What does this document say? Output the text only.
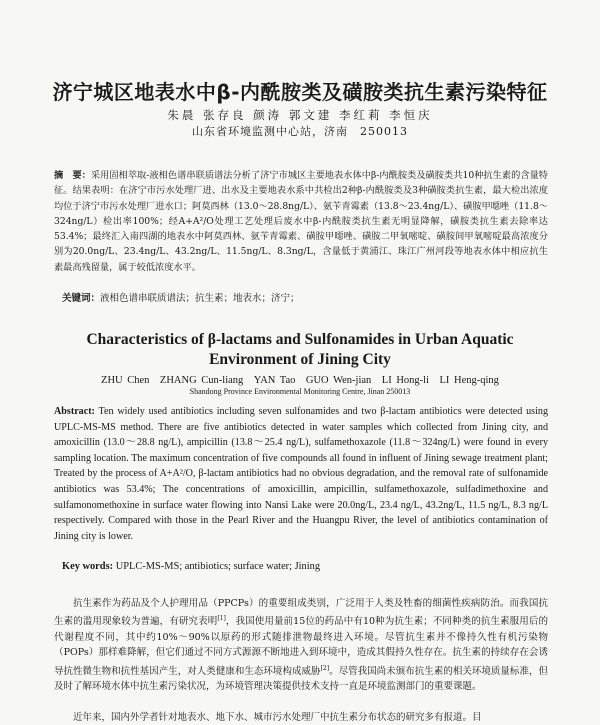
济宁城区地表水中β-内酰胺类及磺胺类抗生素污染特征
朱晨 张存良 颜涛 郭文建 李红莉 李恒庆
山东省环境监测中心站，济南　250013
摘　要：采用固相萃取-液相色谱串联质谱法分析了济宁市城区主要地表水体中β-内酰胺类及磺胺类共10种抗生素的含量特征。结果表明：在济宁市污水处理厂进、出水及主要地表水系中共检出2种β-内酰胺类及3种磺胺类抗生素，最大检出浓度均位于济宁市污水处理厂进水口；阿莫西林（13.0～28.8ng/L）、氨苄青霉素（13.8～23.4ng/L）、磺胺甲噁唑（11.8～324ng/L）检出率100%；经A+A²/O处理工艺处理后废水中β-内酰胺类抗生素无明显降解，磺胺类抗生素去除率达53.4%；最终汇入南四湖的地表水中阿莫西林、氨苄青霉素、磺胺甲噁唑、磺胺二甲氧嘧啶、磺胺间甲氧嘧啶最高浓度分别为20.0ng/L、23.4ng/L、43.2ng/L、11.5ng/L、8.3ng/L，含量低于黄浦江、珠江广州河段等地表水体中相应抗生素最高残留量，属于较低浓度水平。
关键词：液相色谱串联质谱法；抗生素；地表水；济宁；
Characteristics of β-lactams and Sulfonamides in Urban Aquatic
Environment of Jining City
ZHU Chen　ZHANG Cun-liang　YAN Tao　GUO Wen-jian　LI Hong-li　LI Heng-qing
Shandong Province Environmental Monitoring Centre, Jinan 250013
Abstract: Ten widely used antibiotics including seven sulfonamides and two β-lactam antibiotics were detected using UPLC-MS-MS method. There are five antibiotics detected in water samples which collected from Jining city, and amoxicillin (13.0～28.8 ng/L), ampicillin (13.8～25.4 ng/L), sulfamethoxazole (11.8～324ng/L) were found in every sampling location. The maximum concentration of five compounds all found in influent of Jining sewage treatment plant; Treated by the process of A+A²/O, β-lactam antibiotics had no obvious degradation, and the removal rate of sulfonamide antibiotics was 53.4%; The concentrations of amoxicillin, ampicillin, sulfamethoxazole, sulfadimethoxine and sulfamonomethoxine in surface water flowing into Nansi Lake were 20.0ng/L, 23.4 ng/L, 43.2ng/L, 11.5 ng/L, 8.3 ng/L respectively. Compared with those in the Pearl River and the Huangpu River, the level of antibiotics contamination of Jining city is lower.
Key words: UPLC-MS-MS; antibiotics; surface water; Jining
抗生素作为药品及个人护理用品（PPCPs）的重要组成类别，广泛用于人类及牲畜的细菌性疾病防治。而我国抗生素的滥用现象较为普遍，有研究表明[1]，我国使用量前15位的药品中有10种为抗生素；不同种类的抗生素服用后的代谢程度不同，其中约10%～90%以原药的形式随排泄物最终进入环境。尽管抗生素并不像持久性有机污染物（POPs）那样难降解，但它们通过不同方式源源不断地进入到环境中，造成其假持久性存在。抗生素的持续存在会诱导抗性微生物和抗性基因产生，对人类健康和生态环境构成威胁[2]。尽管我国尚未颁布抗生素的相关环境质量标准，但及时了解环境水体中抗生素污染状况，为环境管理决策提供技术支持一直是环境监测部门的重要课题。
近年来，国内外学者针对地表水、地下水、城市污水处理厂中抗生素分布状态的研究多有报道。目
